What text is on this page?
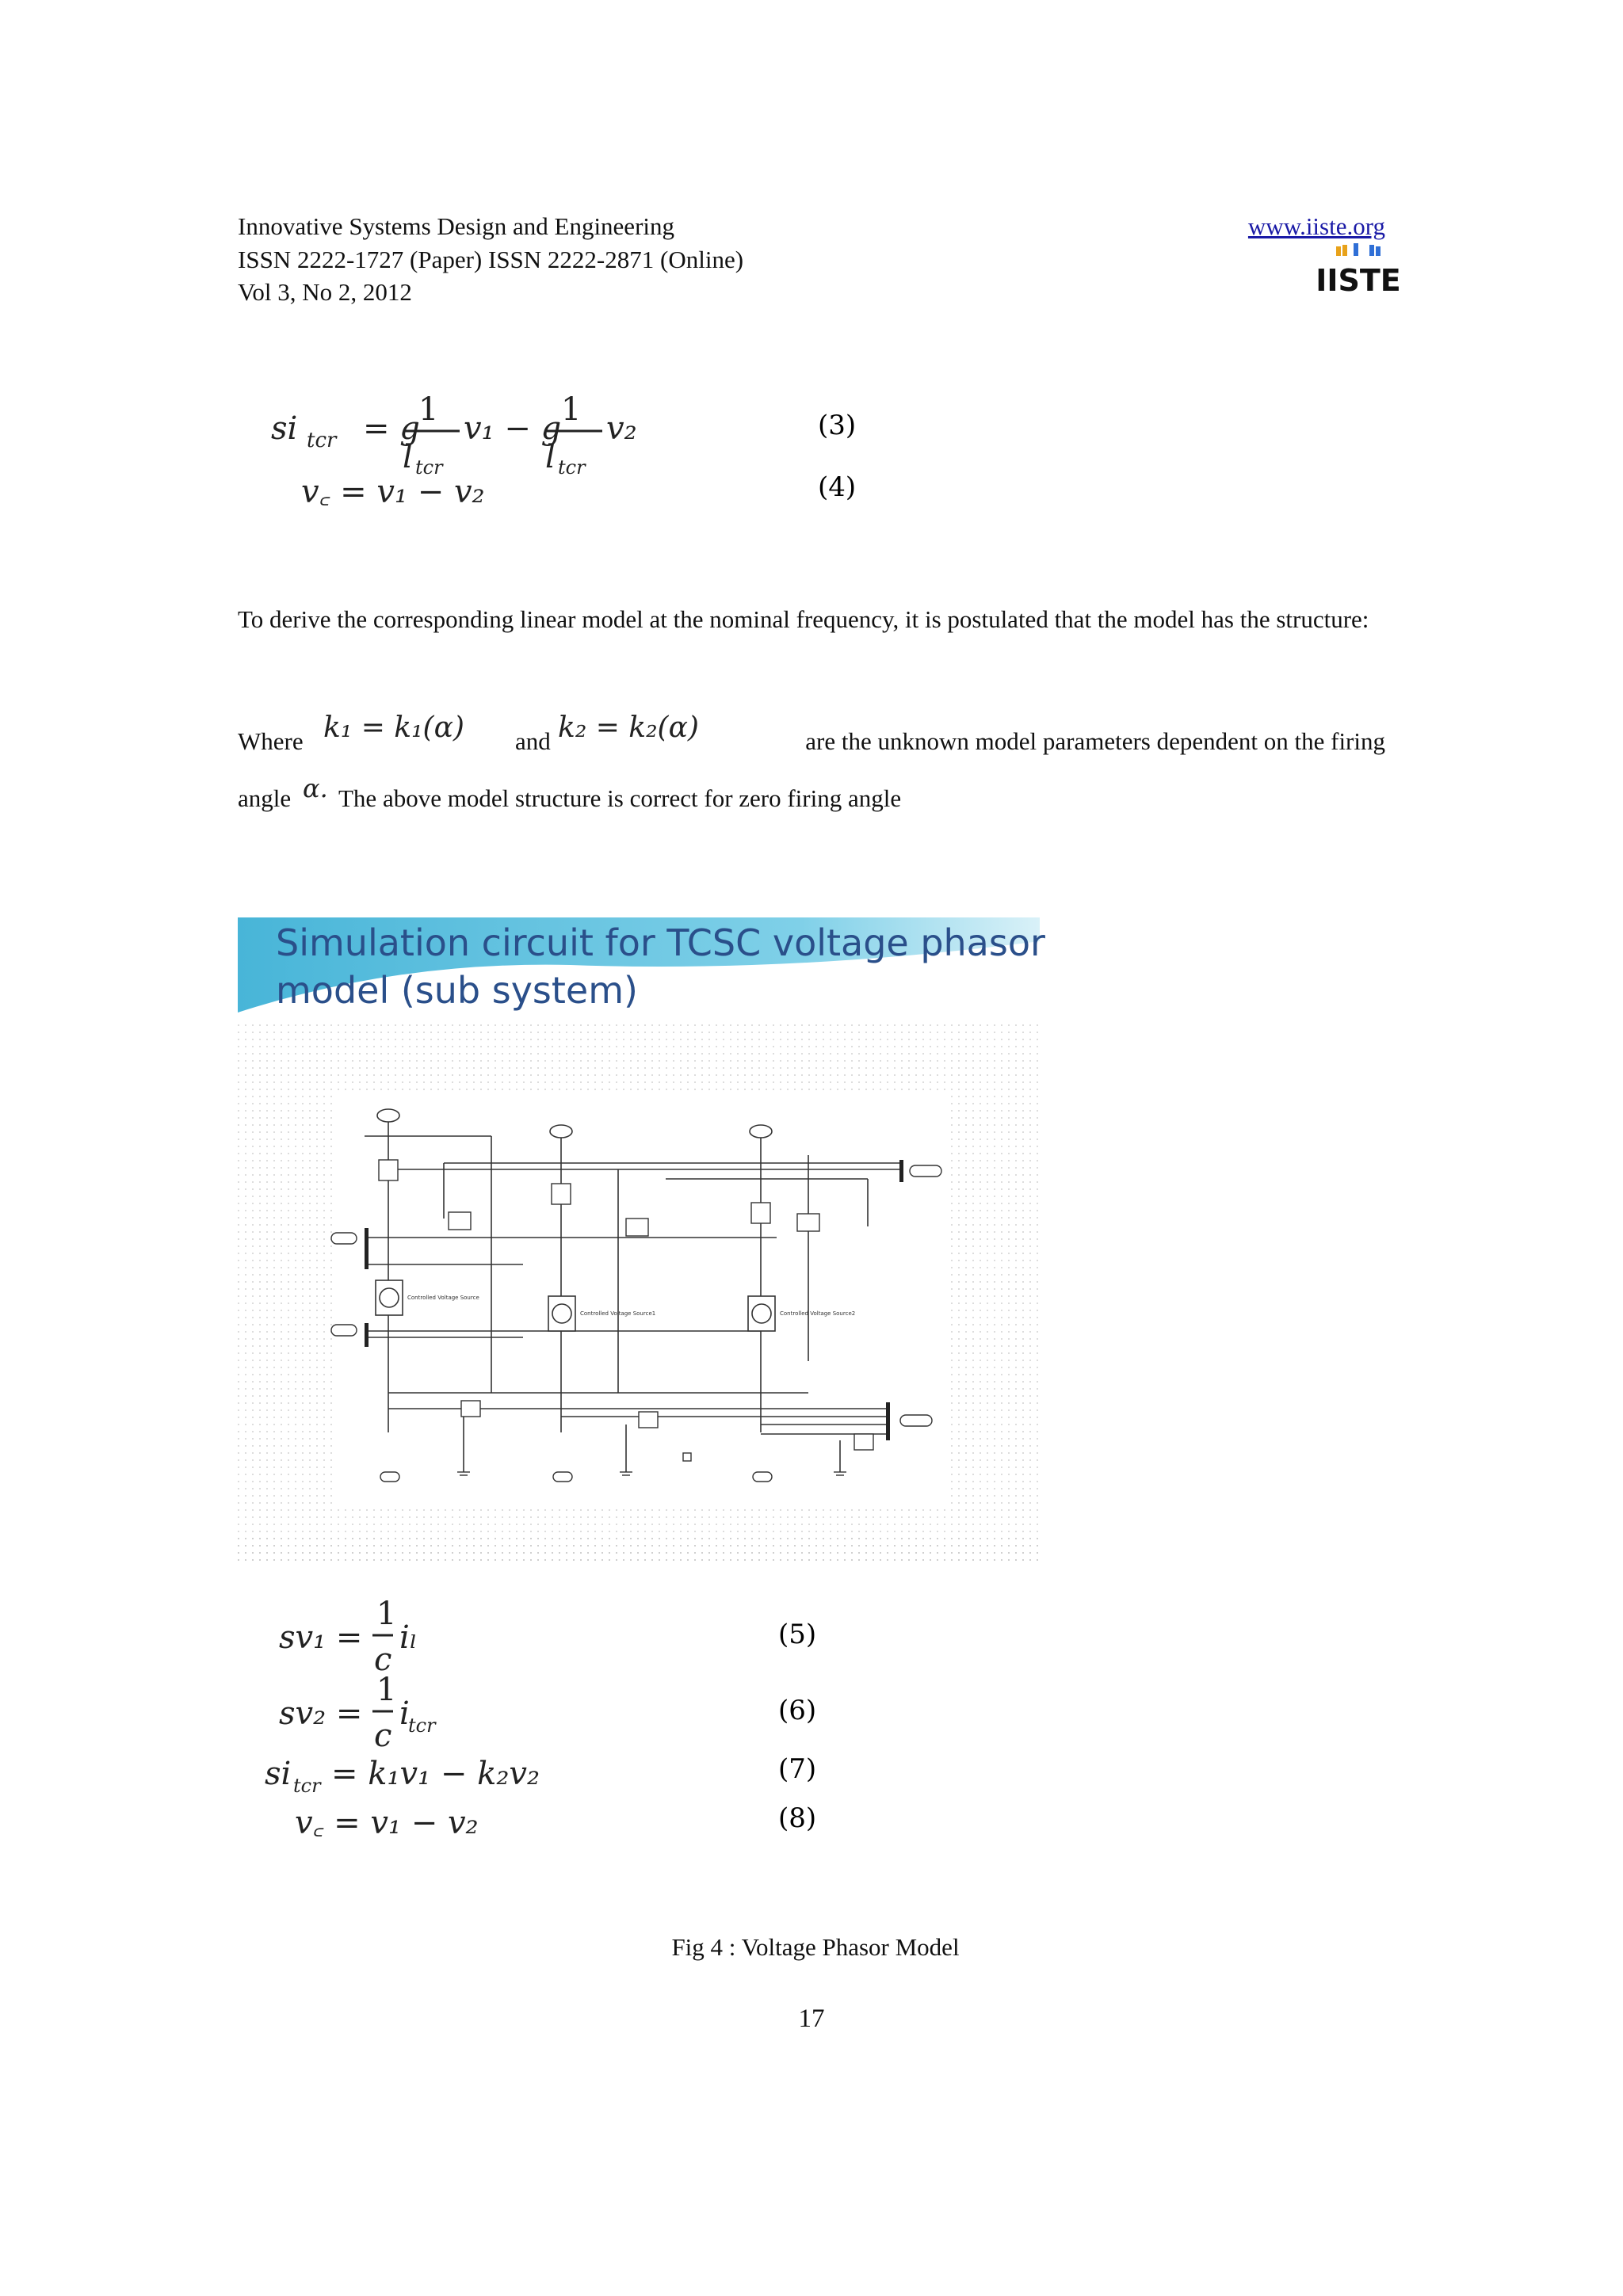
Innovative Systems Design and Engineering
ISSN 2222-1727 (Paper) ISSN 2222-2871 (Online)
Vol 3, No 2, 2012
www.iiste.org
IISTE
si tcr = g
1
l tcr
v₁ − g
1
l tcr
v₂
v꜀ = v₁ − v₂
(3)
(4)
To derive the corresponding linear model at the nominal frequency, it is postulated that the model has the structure:
Where k₁ = k₁(α) and k₂ = k₂(α)	are the unknown model parameters dependent on the firing
angle α. The above model structure is correct for zero firing angle
Simulation circuit for TCSC voltage phasor
model (sub system)
Controlled Voltage Source
Controlled Voltage Source1	Controlled Voltage Source2
sv₁ =
1
c
iₗ
sv₂ =
1
c
i
tcr
si tcr = k₁v₁ − k₂v₂
v꜀ = v₁ − v₂
(5)
(6)
(7)
(8)
Fig 4 : Voltage Phasor Model
17
